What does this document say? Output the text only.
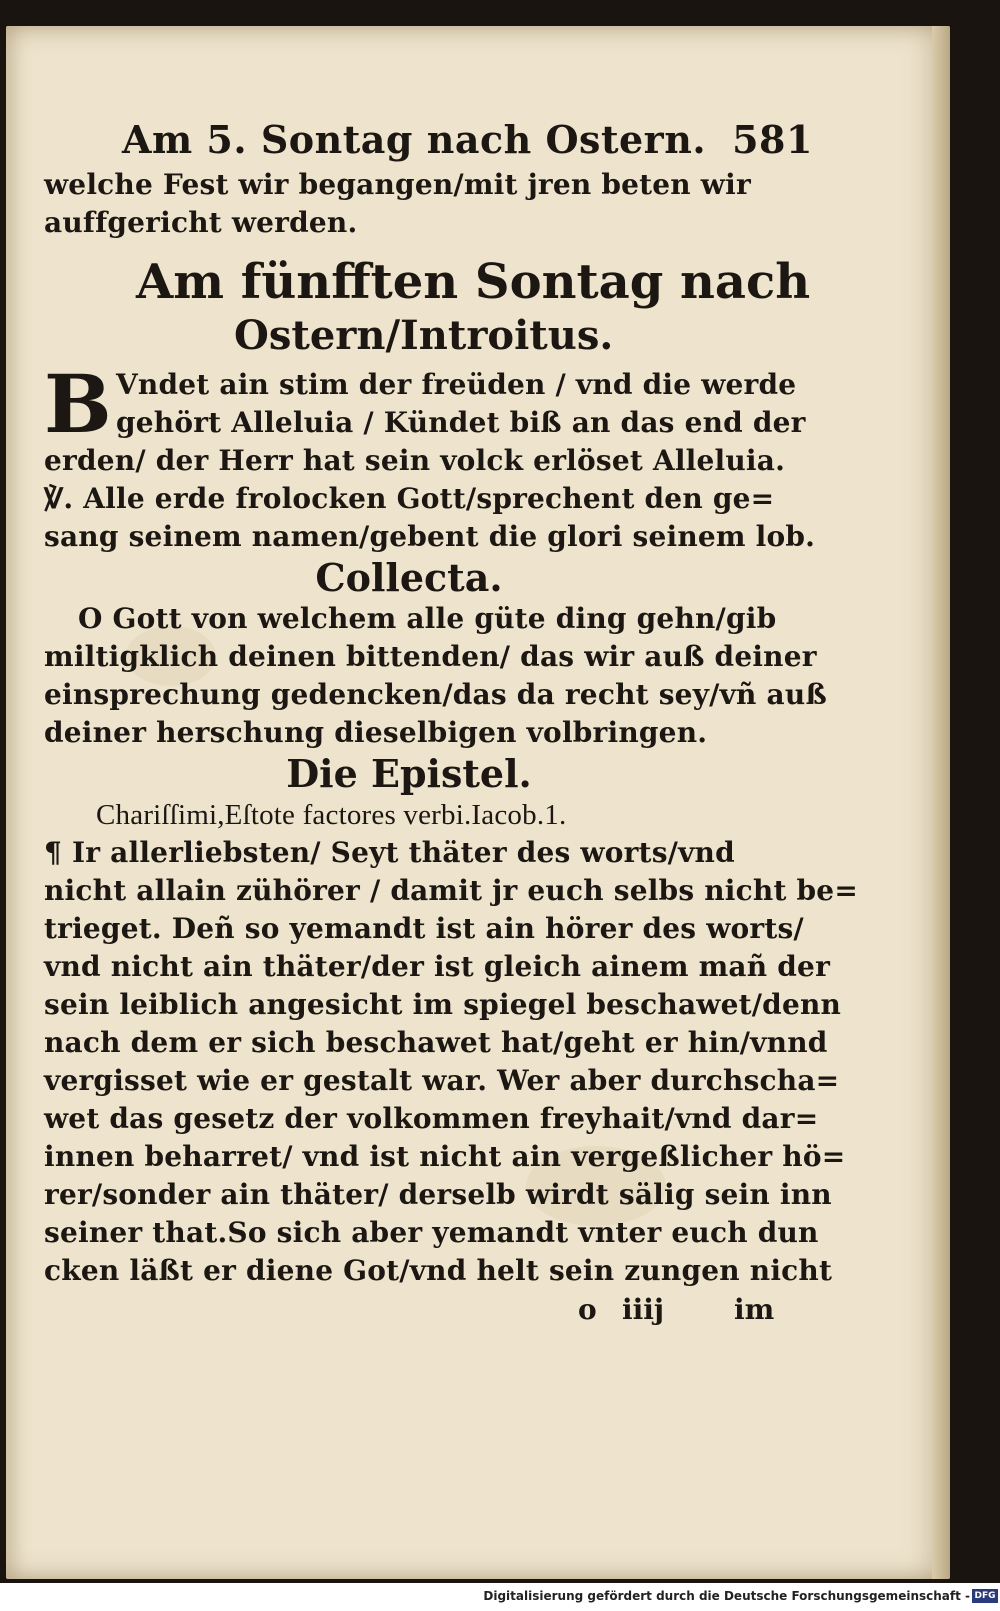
Am 5. Sontag nach Ostern. 581
welche Fest wir begangen/mit jren beten wir
auffgericht werden.
Am fünfften Sontag nach
Ostern/Introitus.
B Vndet ain stim der freüden / vnd die werde
gehört Alleluia / Kündet biß an das end der
erden/ der Herr hat sein volck erlöset Alleluia.
℣. Alle erde frolocken Gott/sprechent den ge=
sang seinem namen/gebent die glori seinem lob.
Collecta.
O Gott von welchem alle güte ding gehn/gib
miltigklich deinen bittenden/ das wir auß deiner
einsprechung gedencken/das da recht sey/vñ auß
deiner herschung dieselbigen volbringen.
Die Epistel.
Chariſſimi,Eſtote factores verbi.Iacob.1.
¶ Ir allerliebsten/ Seyt thäter des worts/vnd
nicht allain zühörer / damit jr euch selbs nicht be=
trieget. Deñ so yemandt ist ain hörer des worts/
vnd nicht ain thäter/der ist gleich ainem mañ der
sein leiblich angesicht im spiegel beschawet/denn
nach dem er sich beschawet hat/geht er hin/vnnd
vergisset wie er gestalt war. Wer aber durchscha=
wet das gesetz der volkommen freyhait/vnd dar=
innen beharret/ vnd ist nicht ain vergeßlicher hö=
rer/sonder ain thäter/ derselb wirdt sälig sein inn
seiner that.So sich aber yemandt vnter euch dun
cken läßt er diene Got/vnd helt sein zungen nicht
o iiij im
Digitalisierung gefördert durch die Deutsche Forschungsgemeinschaft - DFG
